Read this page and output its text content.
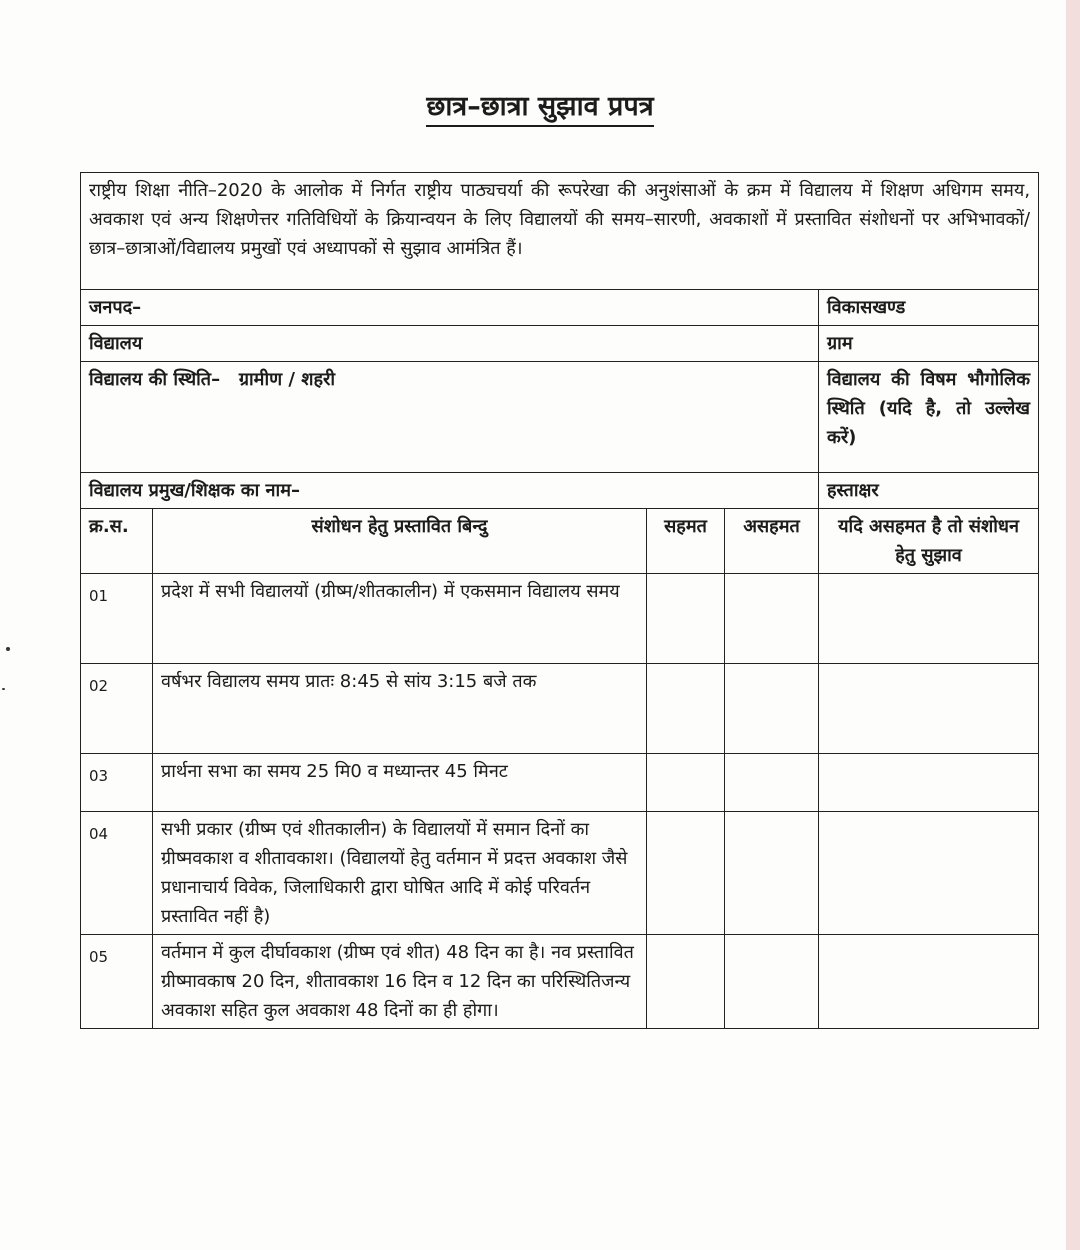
छात्र–छात्रा सुझाव प्रपत्र
राष्ट्रीय शिक्षा नीति–2020 के आलोक में निर्गत राष्ट्रीय पाठ्यचर्या की रूपरेखा की अनुशंसाओं के क्रम में विद्यालय में शिक्षण अधिगम समय, अवकाश एवं अन्य शिक्षणेत्तर गतिविधियों के क्रियान्वयन के लिए विद्यालयों की समय–सारणी, अवकाशों में प्रस्तावित संशोधनों पर अभिभावकों/छात्र–छात्राओं/विद्यालय प्रमुखों एवं अध्यापकों से सुझाव आमंत्रित हैं।				
जनपद–				विकासखण्ड
विद्यालय				ग्राम
विद्यालय की स्थिति–   ग्रामीण / शहरी				विद्यालय की विषम भौगोलिक स्थिति (यदि है, तो उल्लेख करें)
विद्यालय प्रमुख/शिक्षक का नाम–				हस्ताक्षर
क्र.स.	संशोधन हेतु प्रस्तावित बिन्दु	सहमत	असहमत	यदि असहमत है तो संशोधन हेतु सुझाव
01	प्रदेश में सभी विद्यालयों (ग्रीष्म/शीतकालीन) में एकसमान विद्यालय समय			
02	वर्षभर विद्यालय समय प्रातः 8:45 से सांय 3:15 बजे तक			
03	प्रार्थना सभा का समय 25 मि0 व मध्यान्तर 45 मिनट			
04	सभी प्रकार (ग्रीष्म एवं शीतकालीन) के विद्यालयों में समान दिनों का ग्रीष्मवकाश व शीतावकाश। (विद्यालयों हेतु वर्तमान में प्रदत्त अवकाश जैसे प्रधानाचार्य विवेक, जिलाधिकारी द्वारा घोषित आदि में कोई परिवर्तन प्रस्तावित नहीं है)			
05	वर्तमान में कुल दीर्घावकाश (ग्रीष्म एवं शीत) 48 दिन का है। नव प्रस्तावित ग्रीष्मावकाष 20 दिन, शीतावकाश 16 दिन व 12 दिन का परिस्थितिजन्य अवकाश सहित कुल अवकाश 48 दिनों का ही होगा।			
